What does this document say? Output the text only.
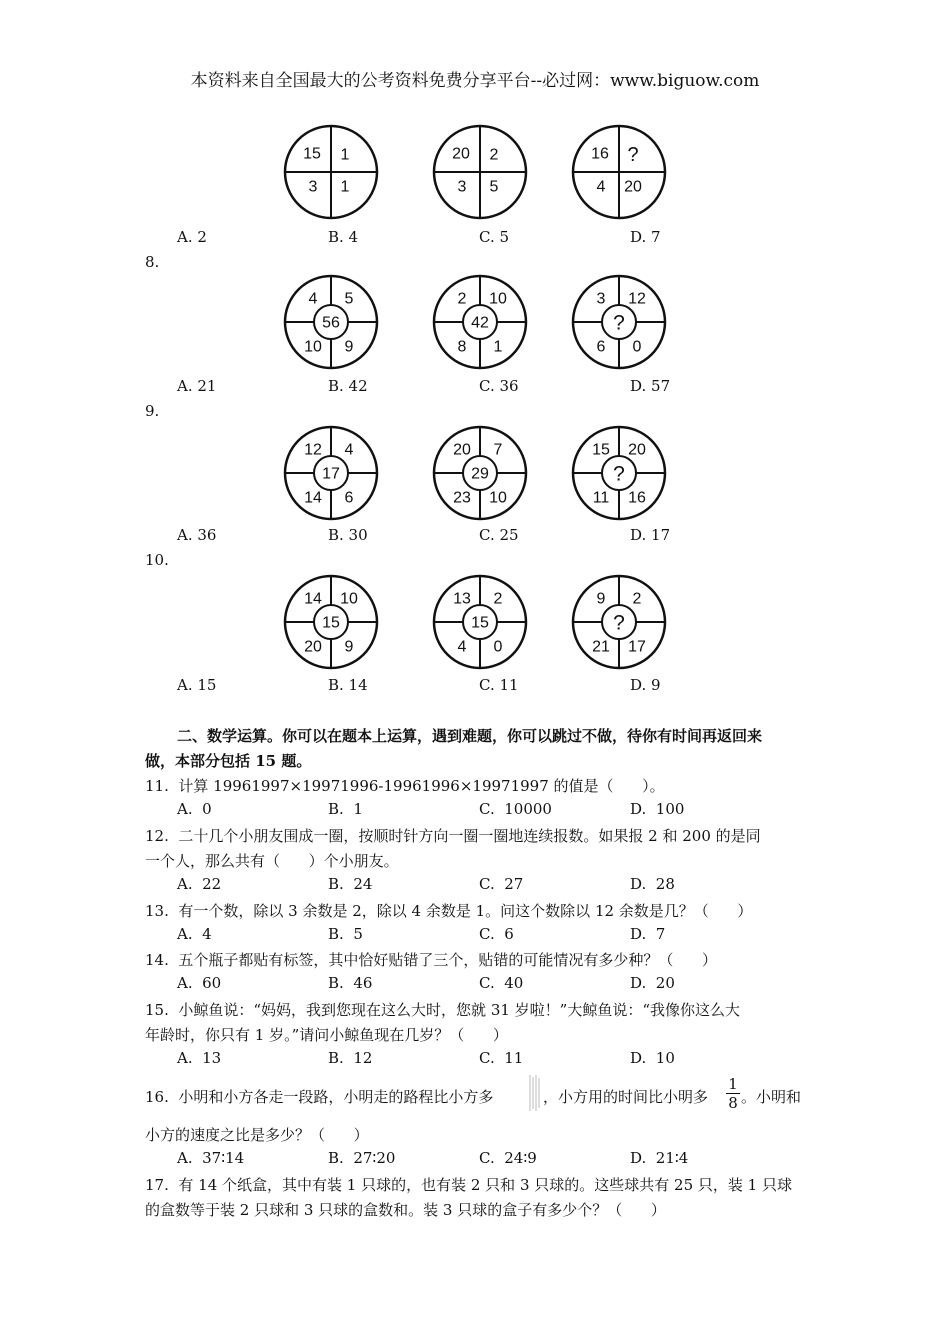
本资料来自全国最大的公考资料免费分享平台--必过网：www.biguow.com
15 1
3 1
20 2
3 5
16 ?
4 20
A. 2	B. 4	C. 5	D. 7
8.
4 5
10 9
56
2 10
8 1
42
3 12
6 0
?
A. 21	B. 42	C. 36	D. 57
9.
12 4
14 6
17
20 7
23 10
29
15 20
11 16
?
A. 36	B. 30	C. 25	D. 17
10.
14 10
20 9
15
13 2
4 0
15
9 2
21 17
?
A. 15	B. 14	C. 11	D. 9
二、数学运算。你可以在题本上运算，遇到难题，你可以跳过不做，待你有时间再返回来
做，本部分包括 15 题。
11.  计算 19961997×19971996-19961996×19971997 的值是（      ）。
A.  0	B.  1	C.  10000	D.  100
12.  二十几个小朋友围成一圈，按顺时针方向一圈一圈地连续报数。如果报 2 和 200 的是同
一个人，那么共有（      ）个小朋友。
A.  22	B.  24	C.  27	D.  28
13.  有一个数，除以 3 余数是 2，除以 4 余数是 1。问这个数除以 12 余数是几？（      ）
A.  4	B.  5	C.  6	D.  7
14.  五个瓶子都贴有标签，其中恰好贴错了三个，贴错的可能情况有多少种？（      ）
A.  60	B.  46	C.  40	D.  20
15.  小鲸鱼说：“妈妈，我到您现在这么大时，您就 31 岁啦！”大鲸鱼说：“我像你这么大
年龄时，你只有 1 岁。”请问小鲸鱼现在几岁？（      ）
A.  13	B.  12	C.  11	D.  10
16.  小明和小方各走一段路，小明走的路程比小方多	，小方用的时间比小明多 $\frac{1}{8}$ 。小明和
小方的速度之比是多少？（      ）
A.  37∶14	B.  27∶20	C.  24∶9	D.  21∶4
17.  有 14 个纸盒，其中有装 1 只球的，也有装 2 只和 3 只球的。这些球共有 25 只，装 1 只球
的盒数等于装 2 只球和 3 只球的盒数和。装 3 只球的盒子有多少个？（      ）
